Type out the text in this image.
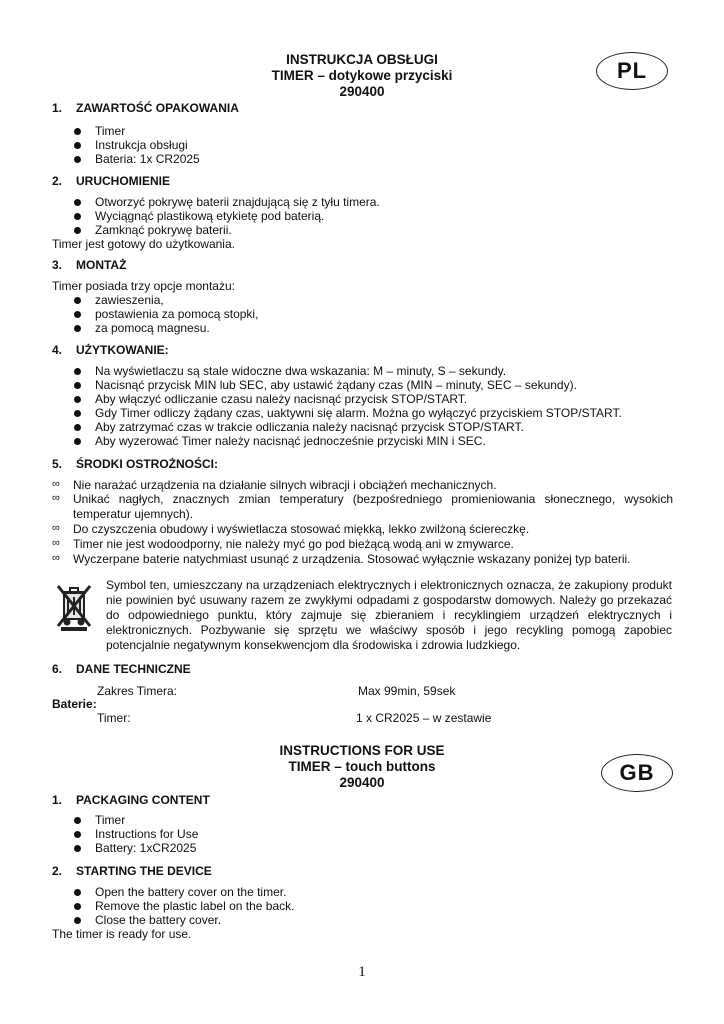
INSTRUKCJA OBSŁUGI
TIMER – dotykowe przyciski
290400
PL
1. ZAWARTOŚĆ OPAKOWANIA
Timer
Instrukcja obsługi
Bateria: 1x CR2025
2. URUCHOMIENIE
Otworzyć pokrywę baterii znajdującą się z tyłu timera.
Wyciągnąć plastikową etykietę pod baterią.
Zamknąć pokrywę baterii.
Timer jest gotowy do użytkowania.
3. MONTAŻ
Timer posiada trzy opcje montażu:
zawieszenia,
postawienia za pomocą stopki,
za pomocą magnesu.
4. UŻYTKOWANIE:
Na wyświetlaczu są stale widoczne dwa wskazania: M – minuty, S – sekundy.
Nacisnąć przycisk MIN lub SEC, aby ustawić żądany czas (MIN – minuty, SEC – sekundy).
Aby włączyć odliczanie czasu należy nacisnąć przycisk STOP/START.
Gdy Timer odliczy żądany czas, uaktywni się alarm. Można go wyłączyć przyciskiem STOP/START.
Aby zatrzymać czas w trakcie odliczania należy nacisnąć przycisk STOP/START.
Aby wyzerować Timer należy nacisnąć jednocześnie przyciski MIN i SEC.
5. ŚRODKI OSTROŻNOŚCI:
∞ Nie narażać urządzenia na działanie silnych wibracji i obciążeń mechanicznych.
∞ Unikać nagłych, znacznych zmian temperatury (bezpośredniego promieniowania słonecznego, wysokich temperatur ujemnych).
∞ Do czyszczenia obudowy i wyświetlacza stosować miękką, lekko zwilżoną ściereczkę.
∞ Timer nie jest wodoodporny, nie należy myć go pod bieżącą wodą ani w zmywarce.
∞ Wyczerpane baterie natychmiast usunąć z urządzenia. Stosować wyłącznie wskazany poniżej typ baterii.
Symbol ten, umieszczany na urządzeniach elektrycznych i elektronicznych oznacza, że zakupiony produkt nie powinien być usuwany razem ze zwykłymi odpadami z gospodarstw domowych. Należy go przekazać do odpowiedniego punktu, który zajmuje się zbieraniem i recyklingiem urządzeń elektrycznych i elektronicznych. Pozbywanie się sprzętu we właściwy sposób i jego recykling pomogą zapobiec potencjalnie negatywnym konsekwencjom dla środowiska i zdrowia ludzkiego.
6. DANE TECHNICZNE
Zakres Timera:	Max 99min, 59sek
Baterie:
Timer:	1 x CR2025 – w zestawie
INSTRUCTIONS FOR USE
TIMER – touch buttons
290400	GB
1. PACKAGING CONTENT
Timer
Instructions for Use
Battery: 1xCR2025
2. STARTING THE DEVICE
Open the battery cover on the timer.
Remove the plastic label on the back.
Close the battery cover.
The timer is ready for use.
1
